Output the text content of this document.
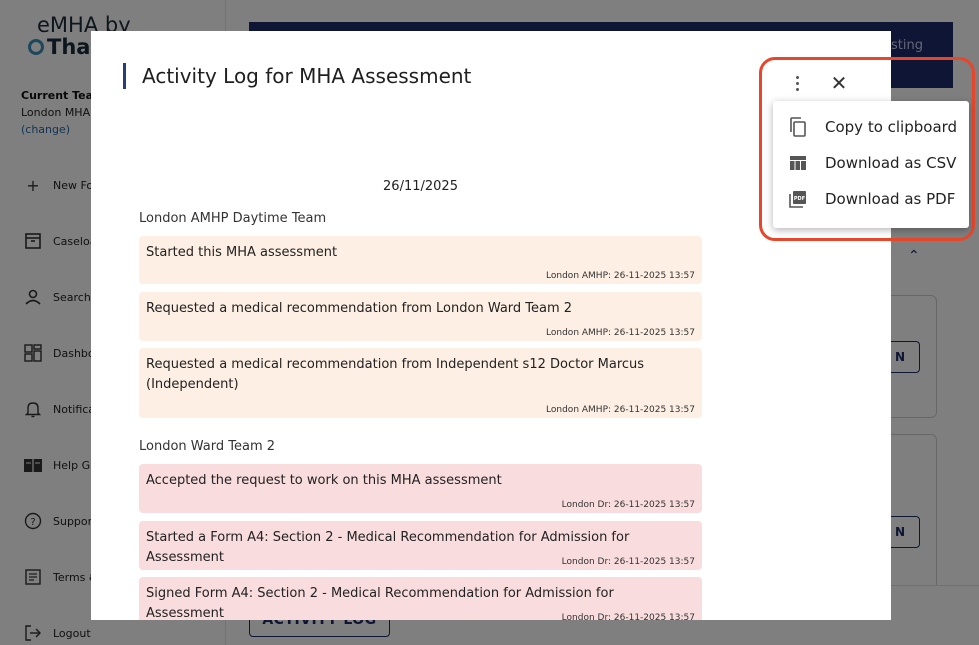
Activity Log for MHA Assessment	✕
26/11/2025
London AMHP Daytime Team
Started this MHA assessment
London AMHP: 26-11-2025 13:57
Requested a medical recommendation from London Ward Team 2
London AMHP: 26-11-2025 13:57
Requested a medical recommendation from Independent s12 Doctor Marcus (Independent)
London AMHP: 26-11-2025 13:57
London Ward Team 2
Accepted the request to work on this MHA assessment
London Dr: 26-11-2025 13:57
Started a Form A4: Section 2 - Medical Recommendation for Admission for Assessment	London Dr: 26-11-2025 13:57
Signed Form A4: Section 2 - Medical Recommendation for Admission for Assessment	London Dr: 26-11-2025 13:57
Copy to clipboard
Download as CSV
PDF Download as PDF
